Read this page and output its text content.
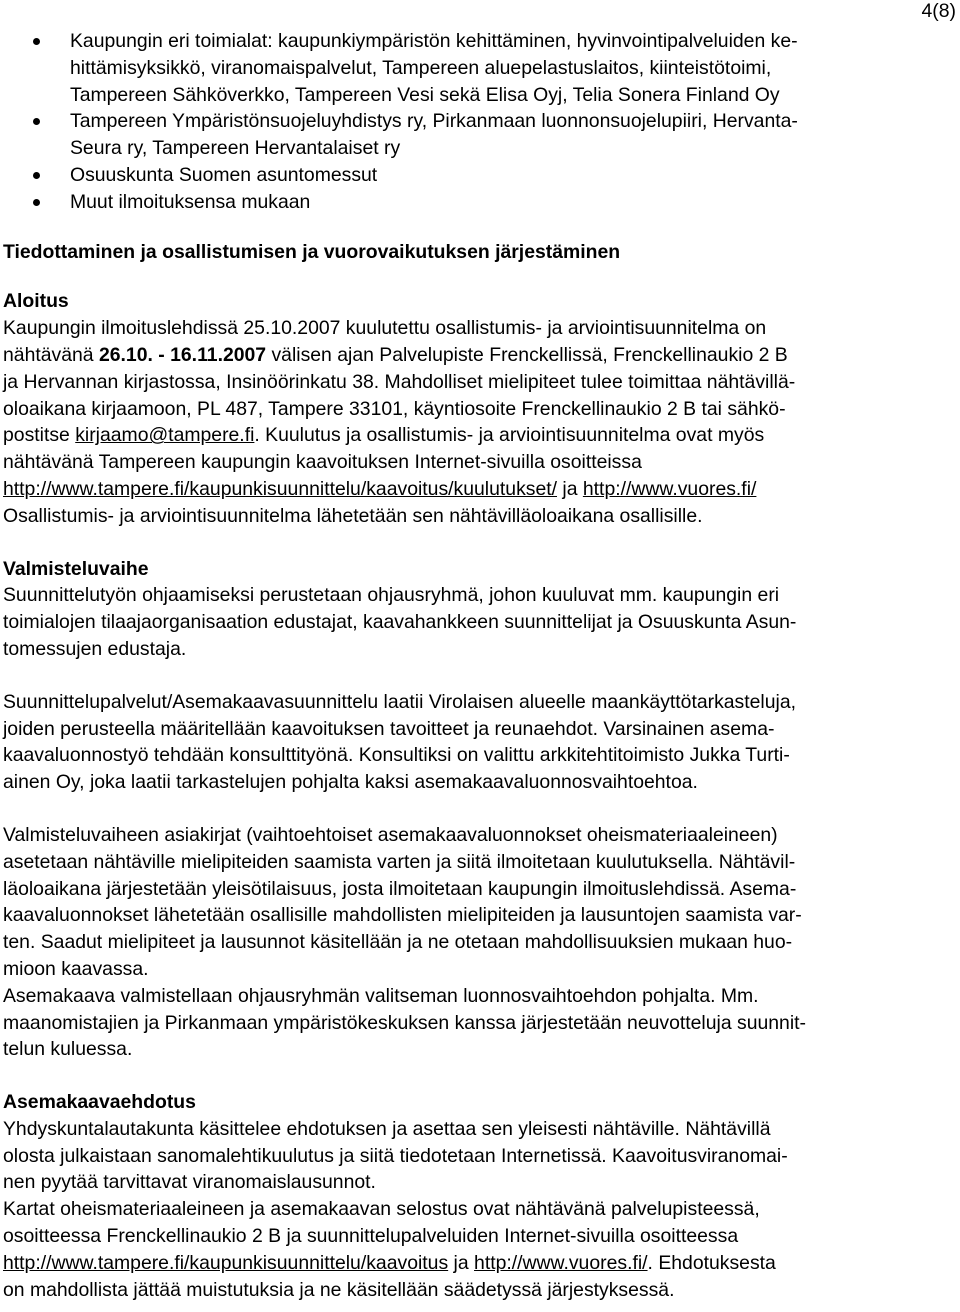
4(8)
Kaupungin eri toimialat: kaupunkiympäristön kehittäminen, hyvinvointipalveluiden ke-
hittämisyksikkö, viranomaispalvelut, Tampereen aluepelastuslaitos, kiinteistötoimi,
Tampereen Sähköverkko, Tampereen Vesi sekä Elisa Oyj, Telia Sonera Finland Oy
Tampereen Ympäristönsuojeluyhdistys ry, Pirkanmaan luonnonsuojelupiiri, Hervanta-
Seura ry, Tampereen Hervantalaiset ry
Osuuskunta Suomen asuntomessut
Muut ilmoituksensa mukaan
Tiedottaminen ja osallistumisen ja vuorovaikutuksen järjestäminen
Aloitus

Kaupungin ilmoituslehdissä 25.10.2007 kuulutettu osallistumis- ja arviointisuunnitelma on
nähtävänä 26.10. - 16.11.2007 välisen ajan Palvelupiste Frenckellissä, Frenckellinaukio 2 B
ja Hervannan kirjastossa, Insinöörinkatu 38. Mahdolliset mielipiteet tulee toimittaa nähtävillä-
oloaikana kirjaamoon, PL 487, Tampere 33101, käyntiosoite Frenckellinaukio 2 B tai sähkö-
postitse kirjaamo@tampere.fi. Kuulutus ja osallistumis- ja arviointisuunnitelma ovat myös
nähtävänä Tampereen kaupungin kaavoituksen Internet-sivuilla osoitteissa
http://www.tampere.fi/kaupunkisuunnittelu/kaavoitus/kuulutukset/ ja http://www.vuores.fi/
Osallistumis- ja arviointisuunnitelma lähetetään sen nähtävilläoloaikana osallisille.

Valmisteluvaihe

Suunnittelutyön ohjaamiseksi perustetaan ohjausryhmä, johon kuuluvat mm. kaupungin eri
toimialojen tilaajaorganisaation edustajat, kaavahankkeen suunnittelijat ja Osuuskunta Asun-
tomessujen edustaja.

Suunnittelupalvelut/Asemakaavasuunnittelu laatii Virolaisen alueelle maankäyttötarkasteluja,
joiden perusteella määritellään kaavoituksen tavoitteet ja reunaehdot. Varsinainen asema-
kaavaluonnostyö tehdään konsulttityönä. Konsultiksi on valittu arkkitehtitoimisto Jukka Turti-
ainen Oy, joka laatii tarkastelujen pohjalta kaksi asemakaavaluonnosvaihtoehtoa.

Valmisteluvaiheen asiakirjat (vaihtoehtoiset asemakaavaluonnokset oheismateriaaleineen)
asetetaan nähtäville mielipiteiden saamista varten ja siitä ilmoitetaan kuulutuksella. Nähtävil-
läoloaikana järjestetään yleisötilaisuus, josta ilmoitetaan kaupungin ilmoituslehdissä. Asema-
kaavaluonnokset lähetetään osallisille mahdollisten mielipiteiden ja lausuntojen saamista var-
ten. Saadut mielipiteet ja lausunnot käsitellään ja ne otetaan mahdollisuuksien mukaan huo-
mioon kaavassa.

Asemakaava valmistellaan ohjausryhmän valitseman luonnosvaihtoehdon pohjalta. Mm.
maanomistajien ja Pirkanmaan ympäristökeskuksen kanssa järjestetään neuvotteluja suunnit-
telun kuluessa.

Asemakaavaehdotus

Yhdyskuntalautakunta käsittelee ehdotuksen ja asettaa sen yleisesti nähtäville. Nähtävillä
olosta julkaistaan sanomalehtikuulutus ja siitä tiedotetaan Internetissä. Kaavoitusviranomai-
nen pyytää tarvittavat viranomaislausunnot.

Kartat oheismateriaaleineen ja asemakaavan selostus ovat nähtävänä palvelupisteessä,
osoitteessa Frenckellinaukio 2 B ja suunnittelupalveluiden Internet-sivuilla osoitteessa
http://www.tampere.fi/kaupunkisuunnittelu/kaavoitus ja http://www.vuores.fi/. Ehdotuksesta
on mahdollista jättää muistutuksia ja ne käsitellään säädetyssä järjestyksessä.
